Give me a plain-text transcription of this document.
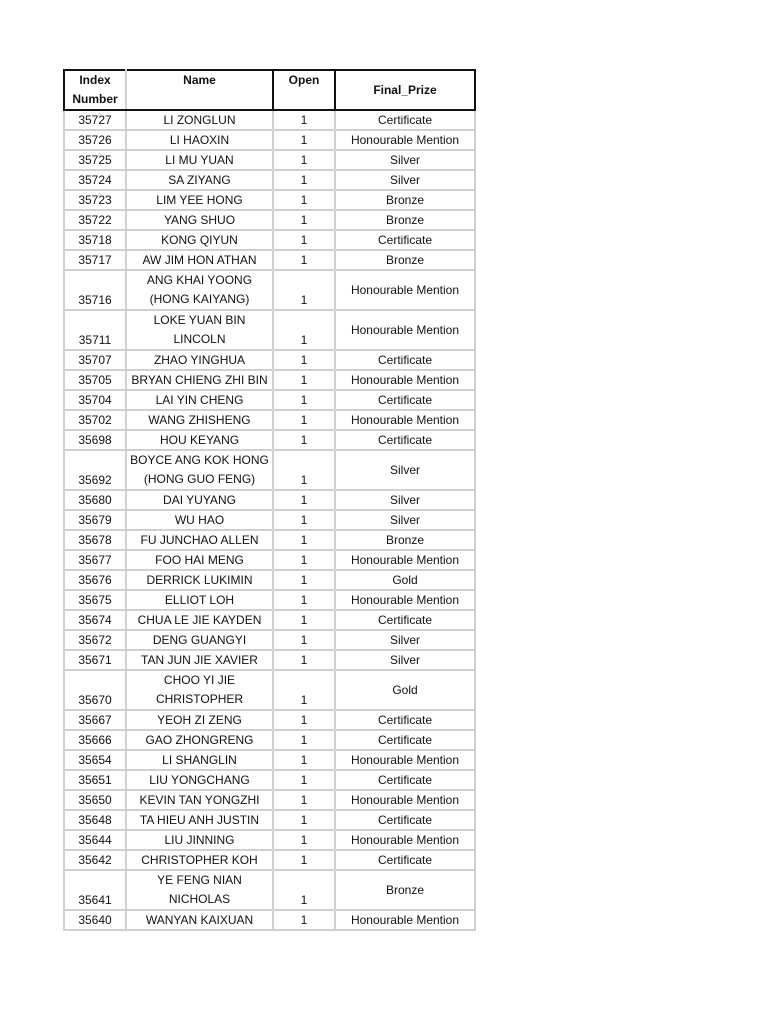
Index Number	Name	Open	Final_Prize
35727	LI ZONGLUN	1	Certificate
35726	LI HAOXIN	1	Honourable Mention
35725	LI MU YUAN	1	Silver
35724	SA ZIYANG	1	Silver
35723	LIM YEE HONG	1	Bronze
35722	YANG SHUO	1	Bronze
35718	KONG QIYUN	1	Certificate
35717	AW JIM HON ATHAN	1	Bronze
35716	ANG KHAI YOONG (HONG KAIYANG)	1	Honourable Mention
35711	LOKE YUAN BIN LINCOLN	1	Honourable Mention
35707	ZHAO YINGHUA	1	Certificate
35705	BRYAN CHIENG ZHI BIN	1	Honourable Mention
35704	LAI YIN CHENG	1	Certificate
35702	WANG ZHISHENG	1	Honourable Mention
35698	HOU KEYANG	1	Certificate
35692	BOYCE ANG KOK HONG (HONG GUO FENG)	1	Silver
35680	DAI YUYANG	1	Silver
35679	WU HAO	1	Silver
35678	FU JUNCHAO ALLEN	1	Bronze
35677	FOO HAI MENG	1	Honourable Mention
35676	DERRICK LUKIMIN	1	Gold
35675	ELLIOT LOH	1	Honourable Mention
35674	CHUA LE JIE KAYDEN	1	Certificate
35672	DENG GUANGYI	1	Silver
35671	TAN JUN JIE XAVIER	1	Silver
35670	CHOO YI JIE CHRISTOPHER	1	Gold
35667	YEOH ZI ZENG	1	Certificate
35666	GAO ZHONGRENG	1	Certificate
35654	LI SHANGLIN	1	Honourable Mention
35651	LIU YONGCHANG	1	Certificate
35650	KEVIN TAN YONGZHI	1	Honourable Mention
35648	TA HIEU ANH JUSTIN	1	Certificate
35644	LIU JINNING	1	Honourable Mention
35642	CHRISTOPHER KOH	1	Certificate
35641	YE FENG NIAN NICHOLAS	1	Bronze
35640	WANYAN KAIXUAN	1	Honourable Mention
